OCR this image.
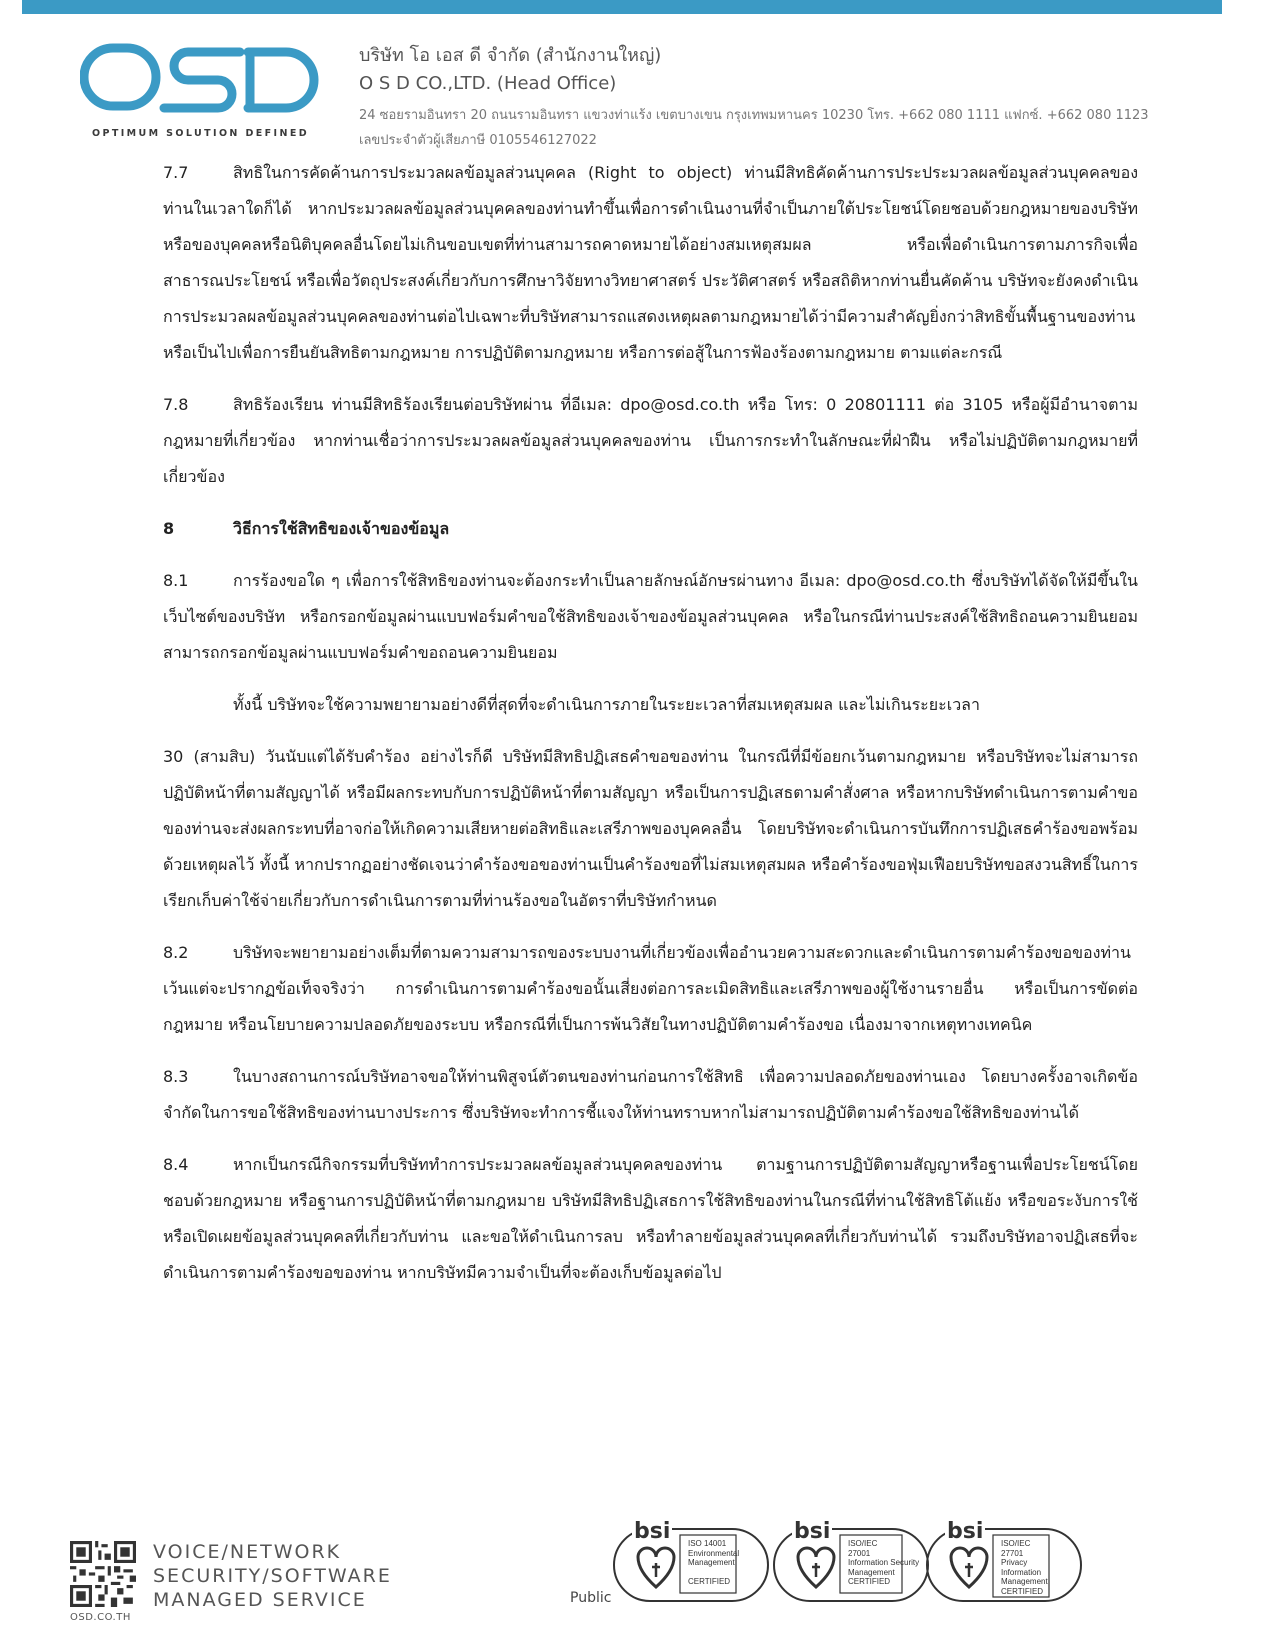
OPTIMUM SOLUTION DEFINED

บริษัท โอ เอส ดี จำกัด (สำนักงานใหญ่)

O S D CO.,LTD. (Head Office)

24 ซอยรามอินทรา 20 ถนนรามอินทรา แขวงท่าแร้ง เขตบางเขน กรุงเทพมหานคร 10230 โทร. +662 080 1111 แฟกซ์. +662 080 1123

เลขประจำตัวผู้เสียภาษี 0105546127022

7.7	สิทธิในการคัดค้านการประมวลผลข้อมูลส่วนบุคคล (Right to object) ท่านมีสิทธิคัดค้านการประประมวลผลข้อมูลส่วนบุคคลของท่านในเวลาใดก็ได้ หากประมวลผลข้อมูลส่วนบุคคลของท่านทำขึ้นเพื่อการดำเนินงานที่จำเป็นภายใต้ประโยชน์โดยชอบด้วยกฎหมายของบริษัท หรือของบุคคลหรือนิติบุคคลอื่นโดยไม่เกินขอบเขตที่ท่านสามารถคาดหมายได้อย่างสมเหตุสมผล หรือเพื่อดำเนินการตามภารกิจเพื่อสาธารณประโยชน์ หรือเพื่อวัตถุประสงค์เกี่ยวกับการศึกษาวิจัยทางวิทยาศาสตร์ ประวัติศาสตร์ หรือสถิติหากท่านยื่นคัดค้าน บริษัทจะยังคงดำเนินการประมวลผลข้อมูลส่วนบุคคลของท่านต่อไปเฉพาะที่บริษัทสามารถแสดงเหตุผลตามกฎหมายได้ว่ามีความสำคัญยิ่งกว่าสิทธิขั้นพื้นฐานของท่าน หรือเป็นไปเพื่อการยืนยันสิทธิตามกฎหมาย การปฏิบัติตามกฎหมาย หรือการต่อสู้ในการฟ้องร้องตามกฎหมาย ตามแต่ละกรณี

7.8	สิทธิร้องเรียน ท่านมีสิทธิร้องเรียนต่อบริษัทผ่าน ที่อีเมล: dpo@osd.co.th หรือ โทร: 0 20801111 ต่อ 3105 หรือผู้มีอำนาจตามกฎหมายที่เกี่ยวข้อง หากท่านเชื่อว่าการประมวลผลข้อมูลส่วนบุคคลของท่าน เป็นการกระทำในลักษณะที่ฝ่าฝืน หรือไม่ปฏิบัติตามกฎหมายที่เกี่ยวข้อง

8	วิธีการใช้สิทธิของเจ้าของข้อมูล

8.1	การร้องขอใด ๆ เพื่อการใช้สิทธิของท่านจะต้องกระทำเป็นลายลักษณ์อักษรผ่านทาง อีเมล: dpo@osd.co.th ซึ่งบริษัทได้จัดให้มีขึ้นในเว็บไซต์ของบริษัท หรือกรอกข้อมูลผ่านแบบฟอร์มคำขอใช้สิทธิของเจ้าของข้อมูลส่วนบุคคล หรือในกรณีท่านประสงค์ใช้สิทธิถอนความยินยอมสามารถกรอกข้อมูลผ่านแบบฟอร์มคำขอถอนความยินยอม

ทั้งนี้ บริษัทจะใช้ความพยายามอย่างดีที่สุดที่จะดำเนินการภายในระยะเวลาที่สมเหตุสมผล และไม่เกินระยะเวลา

30 (สามสิบ) วันนับแต่ได้รับคำร้อง อย่างไรก็ดี บริษัทมีสิทธิปฏิเสธคำขอของท่าน ในกรณีที่มีข้อยกเว้นตามกฎหมาย หรือบริษัทจะไม่สามารถปฏิบัติหน้าที่ตามสัญญาได้ หรือมีผลกระทบกับการปฏิบัติหน้าที่ตามสัญญา หรือเป็นการปฏิเสธตามคำสั่งศาล หรือหากบริษัทดำเนินการตามคำขอของท่านจะส่งผลกระทบที่อาจก่อให้เกิดความเสียหายต่อสิทธิและเสรีภาพของบุคคลอื่น โดยบริษัทจะดำเนินการบันทึกการปฏิเสธคำร้องขอพร้อมด้วยเหตุผลไว้ ทั้งนี้ หากปรากฏอย่างชัดเจนว่าคำร้องขอของท่านเป็นคำร้องขอที่ไม่สมเหตุสมผล หรือคำร้องขอฟุ่มเฟือยบริษัทขอสงวนสิทธิ์ในการเรียกเก็บค่าใช้จ่ายเกี่ยวกับการดำเนินการตามที่ท่านร้องขอในอัตราที่บริษัทกำหนด

8.2	บริษัทจะพยายามอย่างเต็มที่ตามความสามารถของระบบงานที่เกี่ยวข้องเพื่ออำนวยความสะดวกและดำเนินการตามคำร้องขอของท่าน เว้นแต่จะปรากฏข้อเท็จจริงว่า การดำเนินการตามคำร้องขอนั้นเสี่ยงต่อการละเมิดสิทธิและเสรีภาพของผู้ใช้งานรายอื่น หรือเป็นการขัดต่อกฎหมาย หรือนโยบายความปลอดภัยของระบบ หรือกรณีที่เป็นการพ้นวิสัยในทางปฏิบัติตามคำร้องขอ เนื่องมาจากเหตุทางเทคนิค

8.3	ในบางสถานการณ์บริษัทอาจขอให้ท่านพิสูจน์ตัวตนของท่านก่อนการใช้สิทธิ เพื่อความปลอดภัยของท่านเอง โดยบางครั้งอาจเกิดข้อจำกัดในการขอใช้สิทธิของท่านบางประการ ซึ่งบริษัทจะทำการชี้แจงให้ท่านทราบหากไม่สามารถปฏิบัติตามคำร้องขอใช้สิทธิของท่านได้

8.4	หากเป็นกรณีกิจกรรมที่บริษัททำการประมวลผลข้อมูลส่วนบุคคลของท่าน ตามฐานการปฏิบัติตามสัญญาหรือฐานเพื่อประโยชน์โดยชอบด้วยกฎหมาย หรือฐานการปฏิบัติหน้าที่ตามกฎหมาย บริษัทมีสิทธิปฏิเสธการใช้สิทธิของท่านในกรณีที่ท่านใช้สิทธิโต้แย้ง หรือขอระงับการใช้ หรือเปิดเผยข้อมูลส่วนบุคคลที่เกี่ยวกับท่าน และขอให้ดำเนินการลบ หรือทำลายข้อมูลส่วนบุคคลที่เกี่ยวกับท่านได้ รวมถึงบริษัทอาจปฏิเสธที่จะดำเนินการตามคำร้องขอของท่าน หากบริษัทมีความจำเป็นที่จะต้องเก็บข้อมูลต่อไป

OSD.CO.TH
VOICE/NETWORK
SECURITY/SOFTWARE
MANAGED SERVICE	Public
bsi ISO 14001
Environmental
Management

CERTIFIED
bsi ISO/IEC
27001
Information Security
Management
CERTIFIED
bsi ISO/IEC
27701
Privacy
Information
Management
CERTIFIED
